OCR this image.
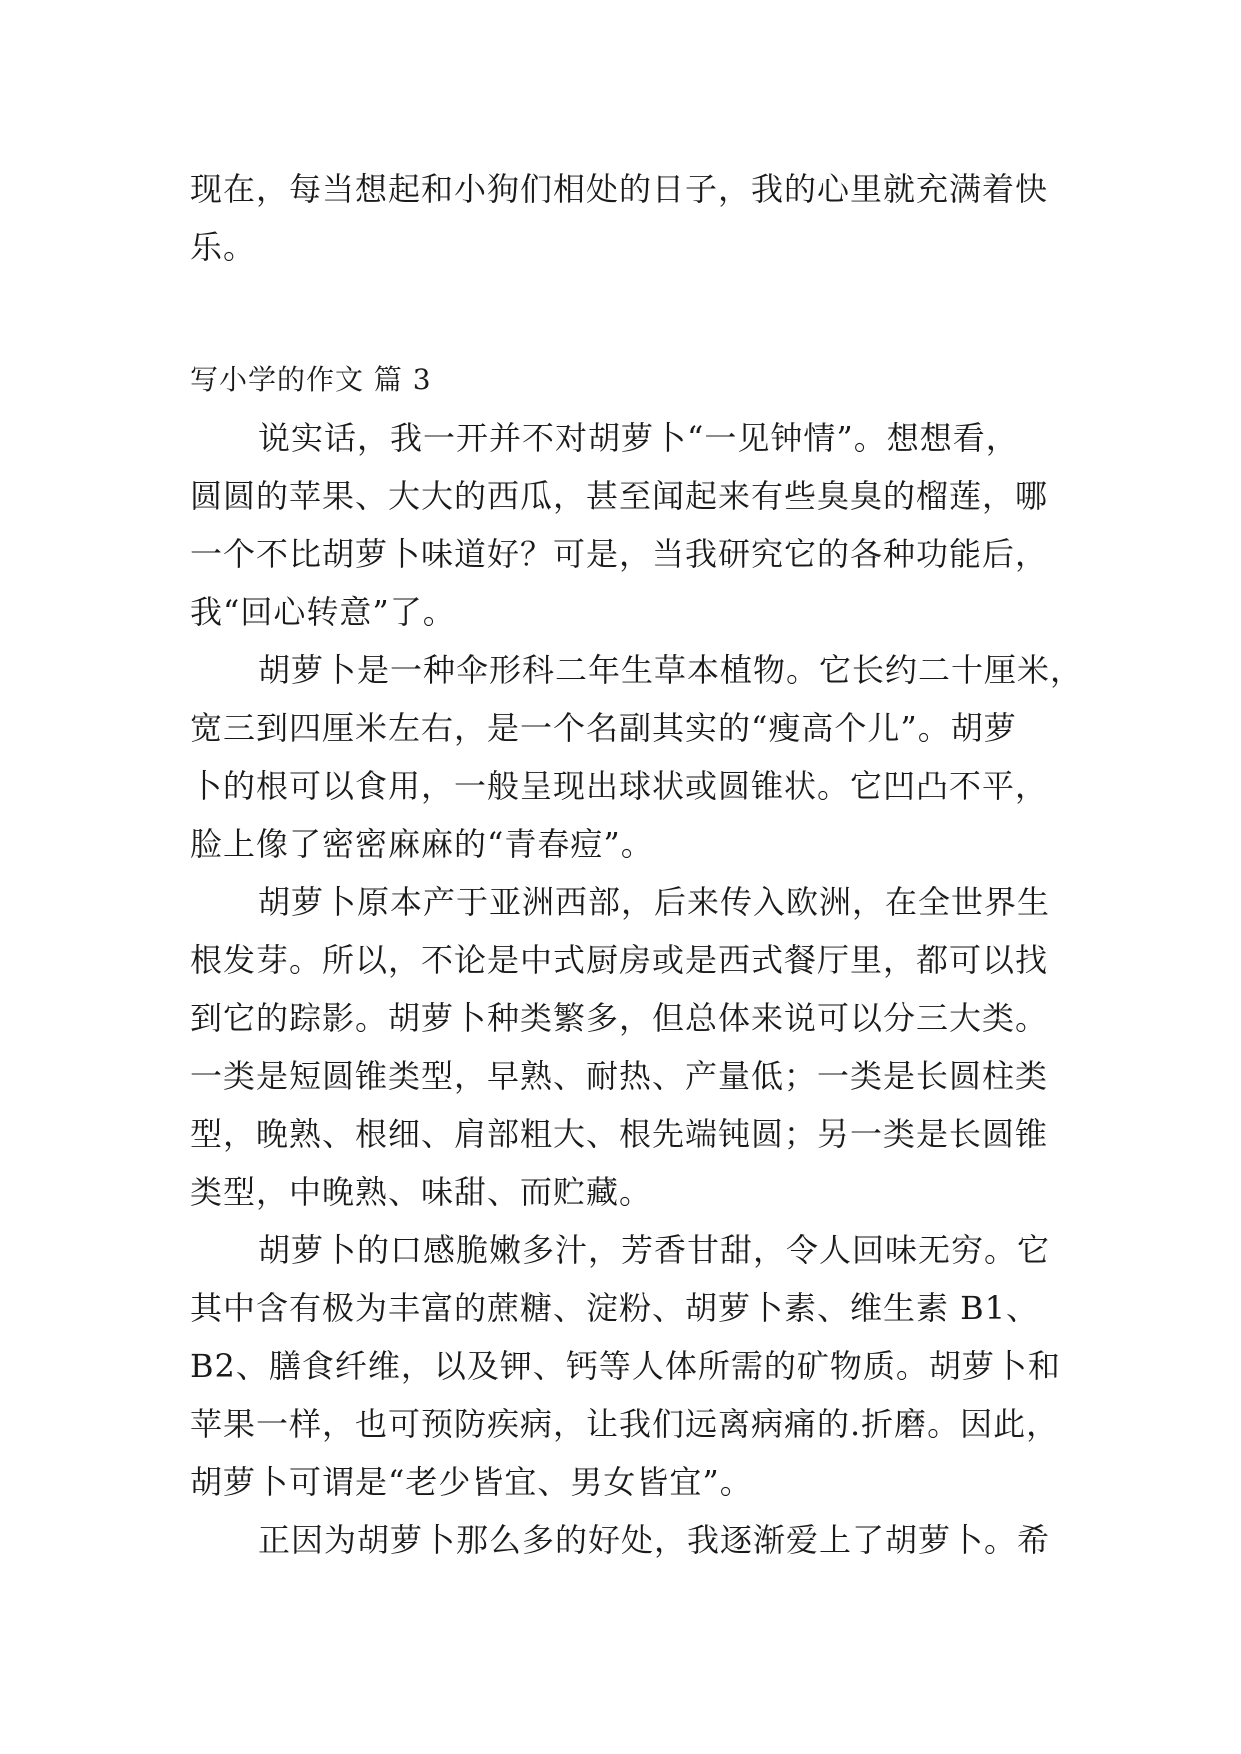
现在，每当想起和小狗们相处的日子，我的心里就充满着快
乐。
写小学的作文 篇 3
说实话，我一开并不对胡萝卜“一见钟情”。想想看，
圆圆的苹果、大大的西瓜，甚至闻起来有些臭臭的榴莲，哪
一个不比胡萝卜味道好？可是，当我研究它的各种功能后，
我“回心转意”了。
胡萝卜是一种伞形科二年生草本植物。它长约二十厘米，
宽三到四厘米左右，是一个名副其实的“瘦高个儿”。胡萝
卜的根可以食用，一般呈现出球状或圆锥状。它凹凸不平，
脸上像了密密麻麻的“青春痘”。
胡萝卜原本产于亚洲西部，后来传入欧洲，在全世界生
根发芽。所以，不论是中式厨房或是西式餐厅里，都可以找
到它的踪影。胡萝卜种类繁多，但总体来说可以分三大类。
一类是短圆锥类型，早熟、耐热、产量低；一类是长圆柱类
型，晚熟、根细、肩部粗大、根先端钝圆；另一类是长圆锥
类型，中晚熟、味甜、而贮藏。
胡萝卜的口感脆嫩多汁，芳香甘甜，令人回味无穷。它
其中含有极为丰富的蔗糖、淀粉、胡萝卜素、维生素 B1、
B2、膳食纤维，以及钾、钙等人体所需的矿物质。胡萝卜和
苹果一样，也可预防疾病，让我们远离病痛的.折磨。因此，
胡萝卜可谓是“老少皆宜、男女皆宜”。
正因为胡萝卜那么多的好处，我逐渐爱上了胡萝卜。希
